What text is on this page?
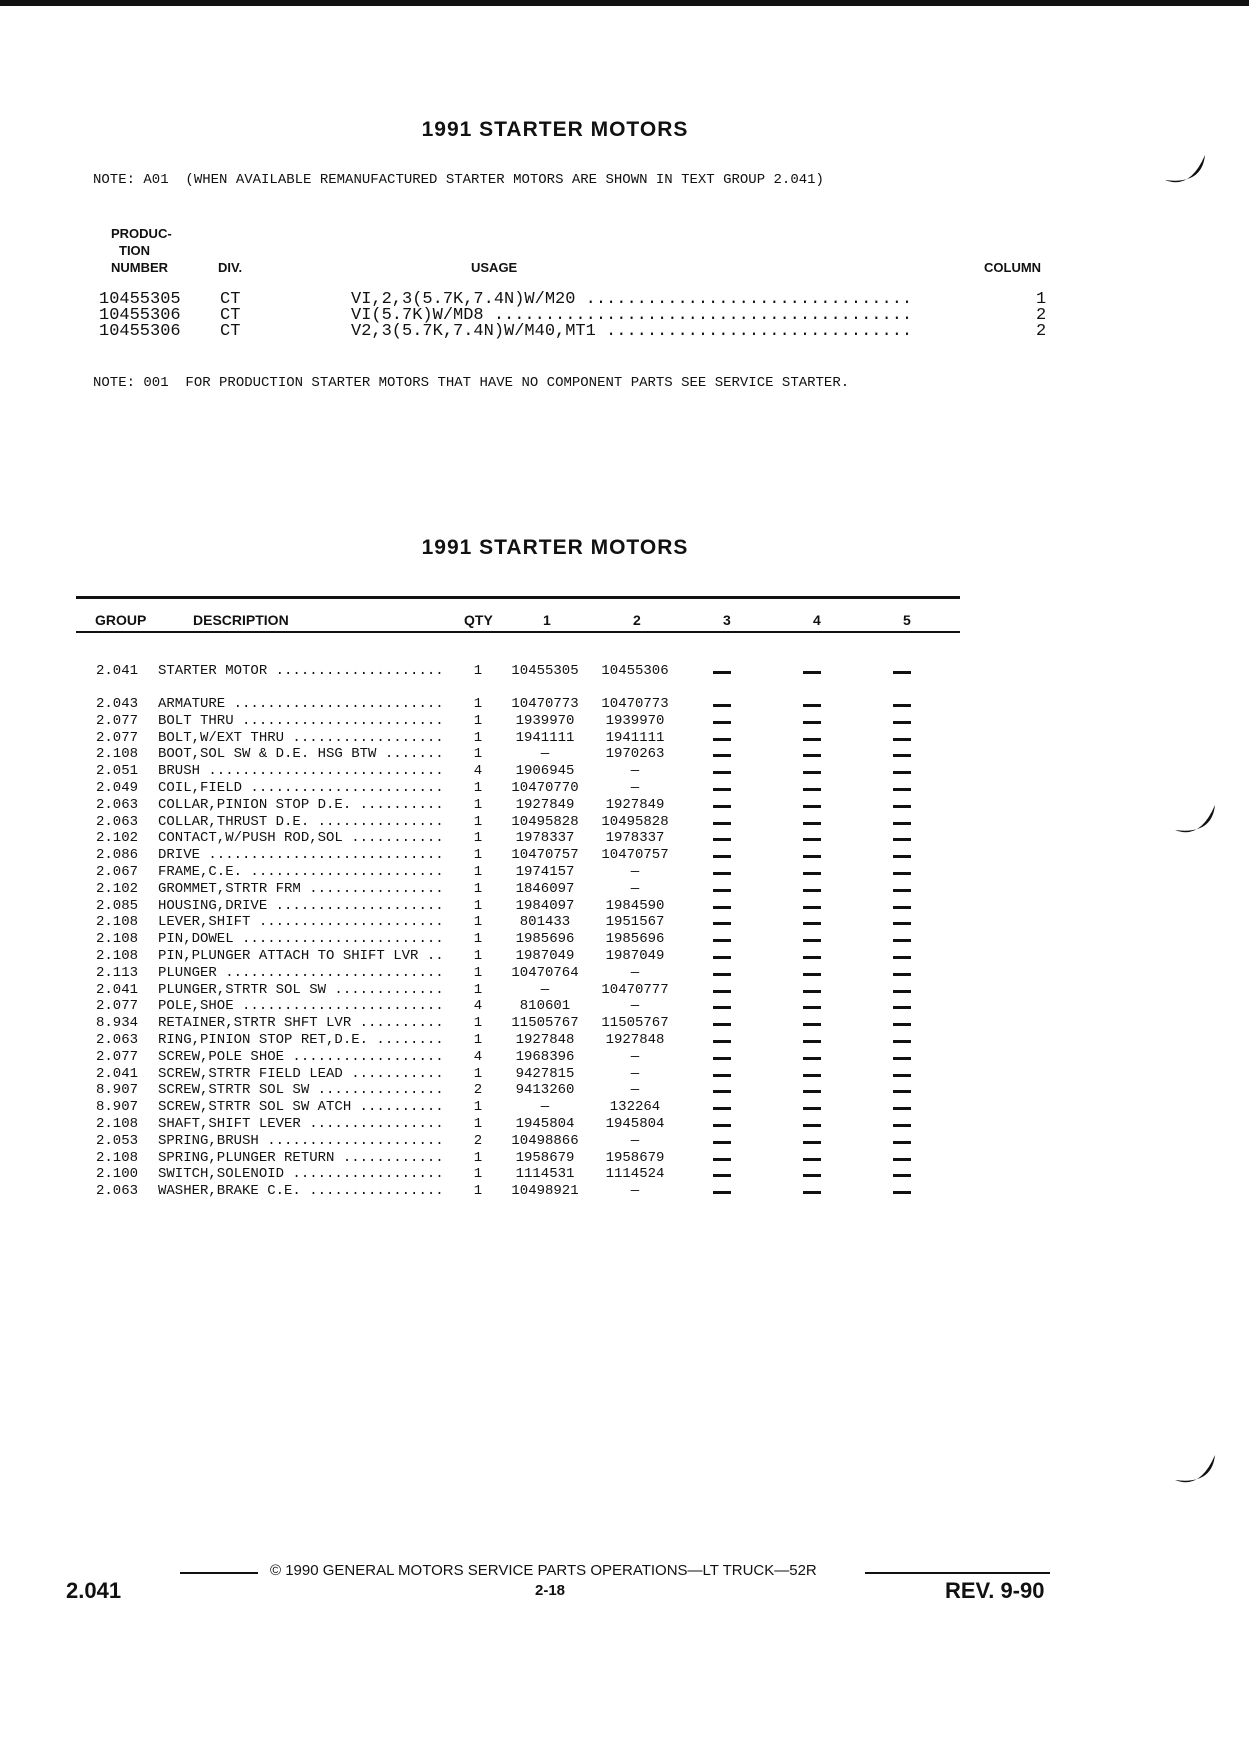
1991 STARTER MOTORS
NOTE: A01  (WHEN AVAILABLE REMANUFACTURED STARTER MOTORS ARE SHOWN IN TEXT GROUP 2.041)
PRODUC-
TION
NUMBER	DIV.	USAGE	COLUMN
10455305 CT	VI,2,3(5.7K,7.4N)W/M20 ................................	1
10455306 CT	VI(5.7K)W/MD8 .........................................	2
10455306 CT	V2,3(5.7K,7.4N)W/M40,MT1 ..............................	2
NOTE: 001  FOR PRODUCTION STARTER MOTORS THAT HAVE NO COMPONENT PARTS SEE SERVICE STARTER.
1991 STARTER MOTORS
GROUP	DESCRIPTION	QTY	1	2	3	4	5
2.041 STARTER MOTOR .................... 1	10455305	10455306
2.043 ARMATURE ......................... 1	10470773	10470773
2.077 BOLT THRU ........................ 1	1939970	1939970
2.077 BOLT,W/EXT THRU .................. 1	1941111	1941111
2.108 BOOT,SOL SW & D.E. HSG BTW ....... 1	—	1970263
2.051 BRUSH ............................ 4	1906945	—
2.049 COIL,FIELD ....................... 1	10470770	—
2.063 COLLAR,PINION STOP D.E. .......... 1	1927849	1927849
2.063 COLLAR,THRUST D.E. ............... 1	10495828	10495828
2.102 CONTACT,W/PUSH ROD,SOL ........... 1	1978337	1978337
2.086 DRIVE ............................ 1	10470757	10470757
2.067 FRAME,C.E. ....................... 1	1974157	—
2.102 GROMMET,STRTR FRM ................ 1	1846097	—
2.085 HOUSING,DRIVE .................... 1	1984097	1984590
2.108 LEVER,SHIFT ...................... 1	801433	1951567
2.108 PIN,DOWEL ........................ 1	1985696	1985696
2.108 PIN,PLUNGER ATTACH TO SHIFT LVR .. 1	1987049	1987049
2.113 PLUNGER .......................... 1	10470764	—
2.041 PLUNGER,STRTR SOL SW ............. 1	—	10470777
2.077 POLE,SHOE ........................ 4	810601	—
8.934 RETAINER,STRTR SHFT LVR .......... 1	11505767	11505767
2.063 RING,PINION STOP RET,D.E. ........ 1	1927848	1927848
2.077 SCREW,POLE SHOE .................. 4	1968396	—
2.041 SCREW,STRTR FIELD LEAD ........... 1	9427815	—
8.907 SCREW,STRTR SOL SW ............... 2	9413260	—
8.907 SCREW,STRTR SOL SW ATCH .......... 1	—	132264
2.108 SHAFT,SHIFT LEVER ................ 1	1945804	1945804
2.053 SPRING,BRUSH ..................... 2	10498866	—
2.108 SPRING,PLUNGER RETURN ............ 1	1958679	1958679
2.100 SWITCH,SOLENOID .................. 1	1114531	1114524
2.063 WASHER,BRAKE C.E. ................ 1	10498921	—
© 1990 GENERAL MOTORS SERVICE PARTS OPERATIONS—LT TRUCK—52R
2-18
2.041	REV. 9-90
